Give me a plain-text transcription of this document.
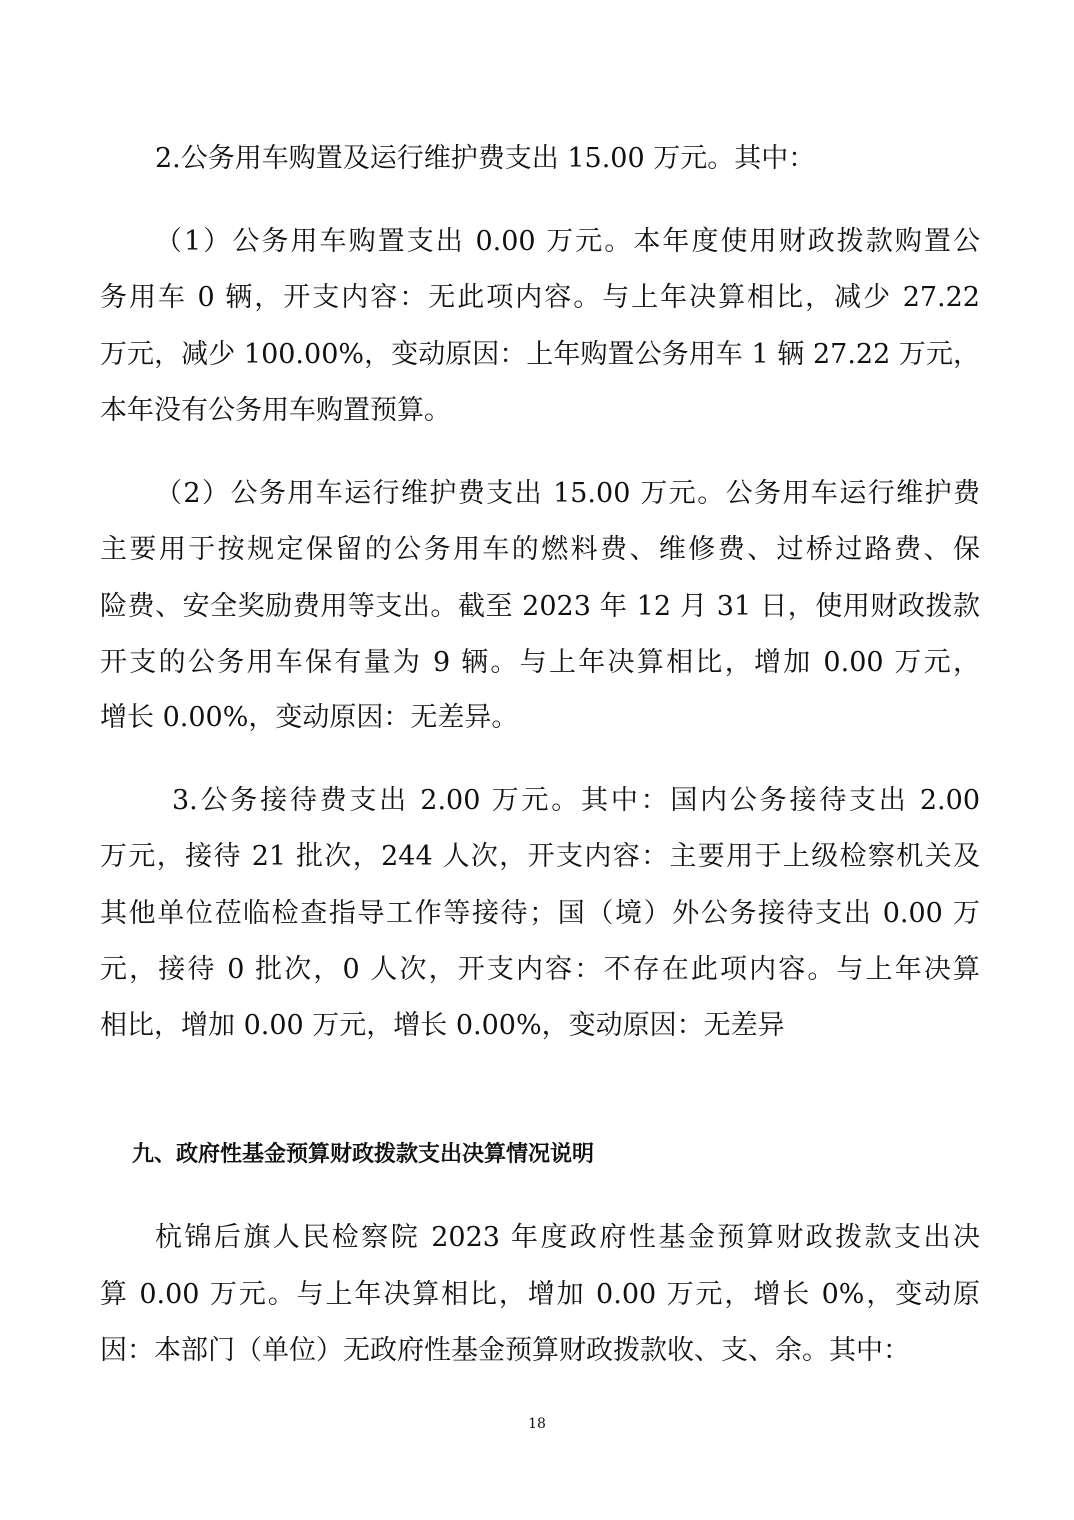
2.公务用车购置及运行维护费支出 15.00 万元。其中：
（1）公务用车购置支出 0.00 万元。本年度使用财政拨款购置公
务用车 0 辆，开支内容：无此项内容。与上年决算相比，减少 27.22
万元，减少 100.00%，变动原因：上年购置公务用车 1 辆 27.22 万元，
本年没有公务用车购置预算。
（2）公务用车运行维护费支出 15.00 万元。公务用车运行维护费
主要用于按规定保留的公务用车的燃料费、维修费、过桥过路费、保
险费、安全奖励费用等支出。截至 2023 年 12 月 31 日，使用财政拨款
开支的公务用车保有量为 9 辆。与上年决算相比，增加 0.00 万元，
增长 0.00%，变动原因：无差异。
3.公务接待费支出 2.00 万元。其中：国内公务接待支出 2.00
万元，接待 21 批次，244 人次，开支内容：主要用于上级检察机关及
其他单位莅临检查指导工作等接待；国（境）外公务接待支出 0.00 万
元，接待 0 批次，0 人次，开支内容：不存在此项内容。与上年决算
相比，增加 0.00 万元，增长 0.00%，变动原因：无差异
九、政府性基金预算财政拨款支出决算情况说明
杭锦后旗人民检察院 2023 年度政府性基金预算财政拨款支出决
算 0.00 万元。与上年决算相比，增加 0.00 万元，增长 0%，变动原
因：本部门（单位）无政府性基金预算财政拨款收、支、余。其中：
18
